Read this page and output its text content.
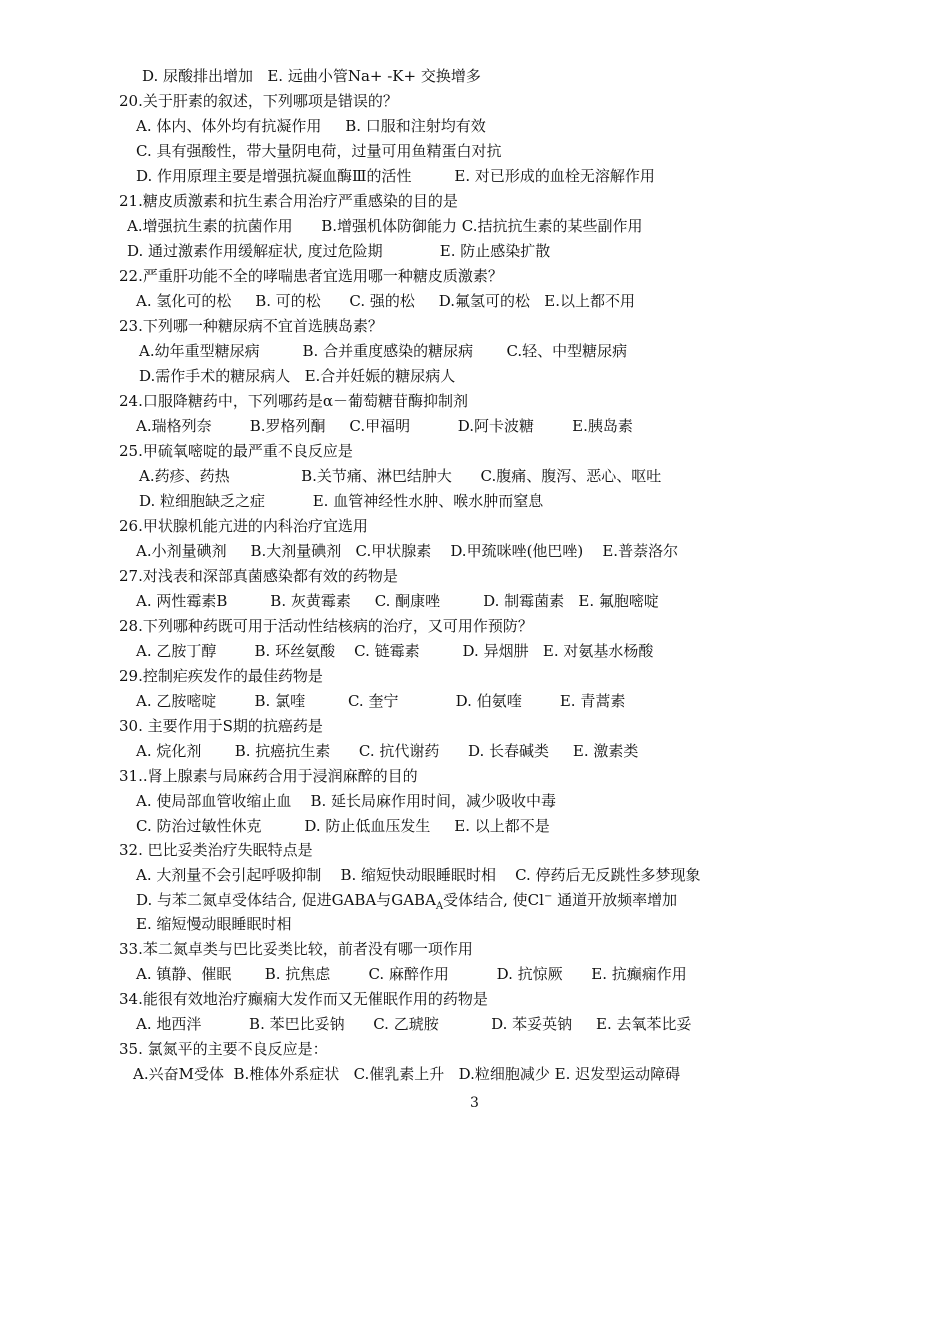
D. 尿酸排出增加   E. 远曲小管Na+ -K+ 交换增多
20.关于肝素的叙述，下列哪项是错误的？
A. 体内、体外均有抗凝作用     B. 口服和注射均有效
C. 具有强酸性，带大量阴电荷，过量可用鱼精蛋白对抗
D. 作用原理主要是增强抗凝血酶Ⅲ的活性         E. 对已形成的血栓无溶解作用
21.糖皮质激素和抗生素合用治疗严重感染的目的是
A.增强抗生素的抗菌作用      B.增强机体防御能力 C.拮抗抗生素的某些副作用
D. 通过激素作用缓解症状, 度过危险期            E. 防止感染扩散
22.严重肝功能不全的哮喘患者宜选用哪一种糖皮质激素？
A. 氢化可的松     B. 可的松      C. 强的松     D.氟氢可的松   E.以上都不用
23.下列哪一种糖尿病不宜首选胰岛素？
A.幼年重型糖尿病         B. 合并重度感染的糖尿病       C.轻、中型糖尿病
D.需作手术的糖尿病人   E.合并妊娠的糖尿病人
24.口服降糖药中，下列哪药是α－葡萄糖苷酶抑制剂
A.瑞格列奈        B.罗格列酮     C.甲福明          D.阿卡波糖        E.胰岛素
25.甲硫氧嘧啶的最严重不良反应是
A.药疹、药热               B.关节痛、淋巴结肿大      C.腹痛、腹泻、恶心、呕吐
D. 粒细胞缺乏之症          E. 血管神经性水肿、喉水肿而窒息
26.甲状腺机能亢进的内科治疗宜选用
A.小剂量碘剂     B.大剂量碘剂   C.甲状腺素    D.甲巯咪唑(他巴唑)    E.普萘洛尔
27.对浅表和深部真菌感染都有效的药物是
A. 两性霉素B         B. 灰黄霉素     C. 酮康唑         D. 制霉菌素   E. 氟胞嘧啶
28.下列哪种药既可用于活动性结核病的治疗，又可用作预防？
A. 乙胺丁醇        B. 环丝氨酸    C. 链霉素         D. 异烟肼   E. 对氨基水杨酸
29.控制疟疾发作的最佳药物是
A. 乙胺嘧啶        B. 氯喹         C. 奎宁            D. 伯氨喹        E. 青蒿素
30. 主要作用于S期的抗癌药是
A. 烷化剂       B. 抗癌抗生素      C. 抗代谢药      D. 长春碱类     E. 激素类
31..肾上腺素与局麻药合用于浸润麻醉的目的
A. 使局部血管收缩止血    B. 延长局麻作用时间，减少吸收中毒
C. 防治过敏性休克         D. 防止低血压发生     E. 以上都不是
32. 巴比妥类治疗失眠特点是
A. 大剂量不会引起呼吸抑制    B. 缩短快动眼睡眠时相    C. 停药后无反跳性多梦现象
D. 与苯二氮卓受体结合, 促进GABA与$GABA_A$受体结合, 使Cl− 通道开放频率增加
E. 缩短慢动眼睡眠时相
33.苯二氮卓类与巴比妥类比较，前者没有哪一项作用
A. 镇静、催眠       B. 抗焦虑        C. 麻醉作用          D. 抗惊厥      E. 抗癫痫作用
34.能很有效地治疗癫痫大发作而又无催眠作用的药物是
A. 地西泮          B. 苯巴比妥钠      C. 乙琥胺           D. 苯妥英钠     E. 去氧苯比妥
35. 氯氮平的主要不良反应是：
A.兴奋M受体  B.椎体外系症状   C.催乳素上升   D.粒细胞减少 E. 迟发型运动障碍
3
